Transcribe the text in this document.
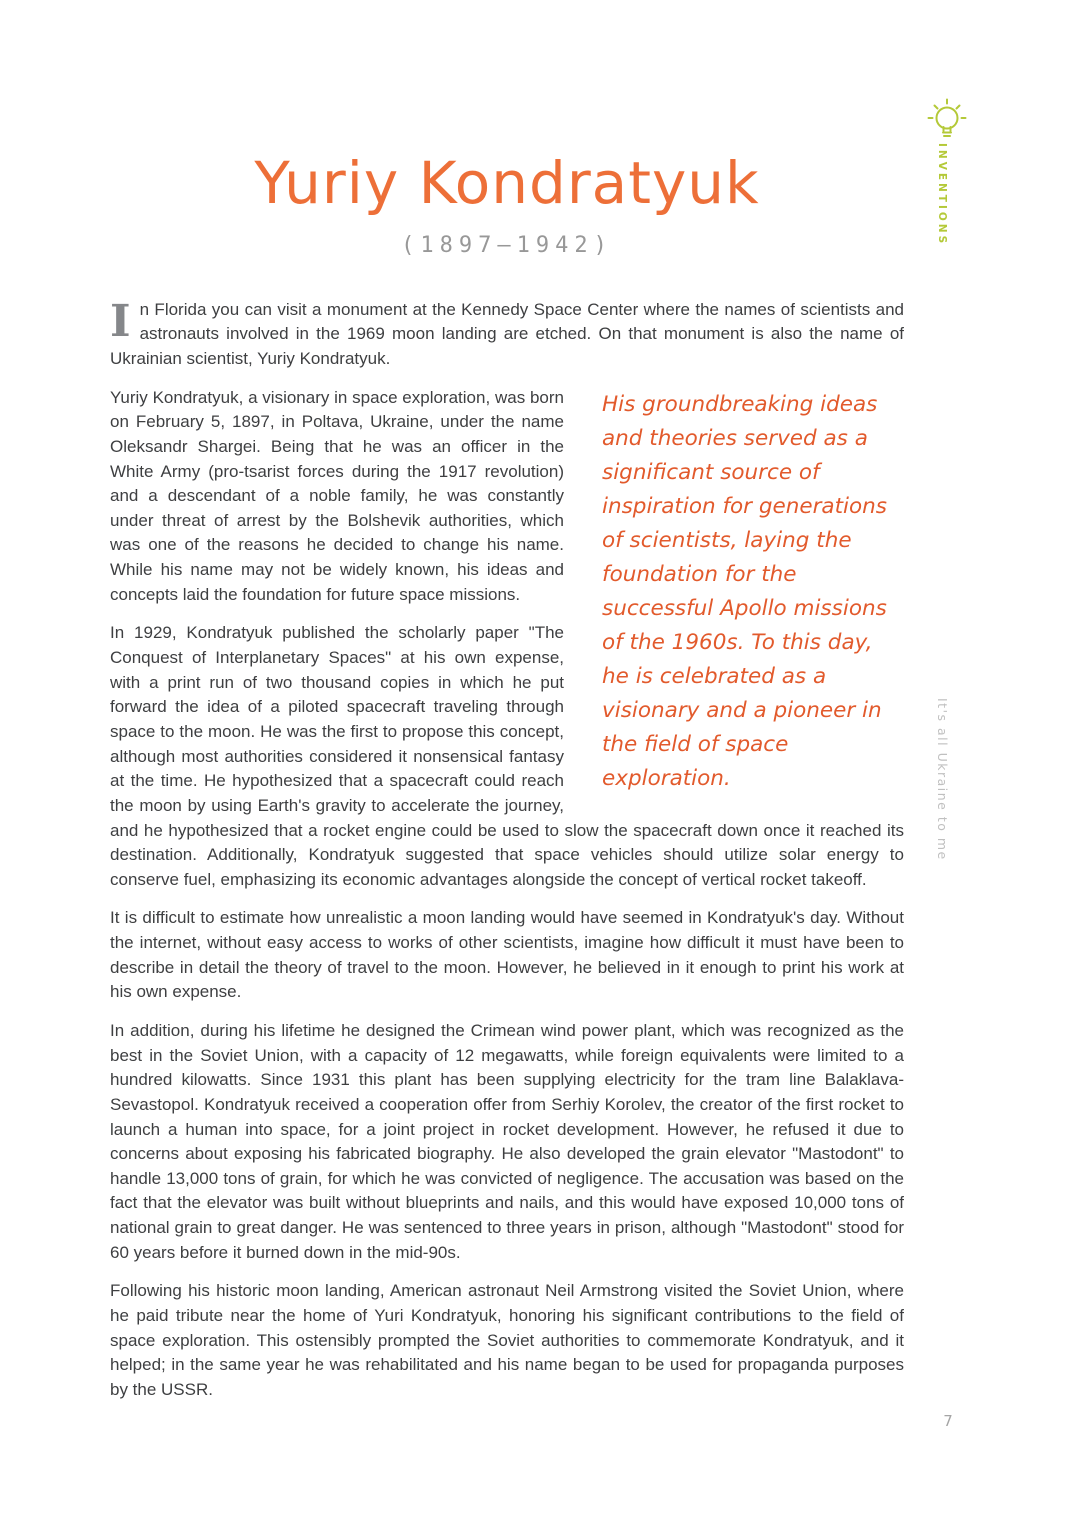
INVENTIONS
It's all Ukraine to me
7
Yuriy Kondratyuk
(1897–1942)

In Florida you can visit a monument at the Kennedy Space Center where the names of scientists and astronauts involved in the 1969 moon landing are etched. On that monument is also the name of Ukrainian scientist, Yuriy Kondratyuk.

His groundbreaking ideas and theories served as a significant source of inspiration for generations of scientists, laying the foundation for the successful Apollo missions of the 1960s. To this day, he is celebrated as a visionary and a pioneer in the field of space exploration.

Yuriy Kondratyuk, a visionary in space exploration, was born on February 5, 1897, in Poltava, Ukraine, under the name Oleksandr Shargei. Being that he was an officer in the White Army (pro-tsarist forces during the 1917 revolution) and a descendant of a noble family, he was constantly under threat of arrest by the Bolshevik authorities, which was one of the reasons he decided to change his name. While his name may not be widely known, his ideas and concepts laid the foundation for future space missions.

In 1929, Kondratyuk published the scholarly paper "The Conquest of Interplanetary Spaces" at his own expense, with a print run of two thousand copies in which he put forward the idea of a piloted spacecraft traveling through space to the moon. He was the first to propose this concept, although most authorities considered it nonsensical fantasy at the time. He hypothesized that a spacecraft could reach the moon by using Earth's gravity to accelerate the journey, and he hypothesized that a rocket engine could be used to slow the spacecraft down once it reached its destination. Additionally, Kondratyuk suggested that space vehicles should utilize solar energy to conserve fuel, emphasizing its economic advantages alongside the concept of vertical rocket takeoff.

It is difficult to estimate how unrealistic a moon landing would have seemed in Kondratyuk's day. Without the internet, without easy access to works of other scientists, imagine how difficult it must have been to describe in detail the theory of travel to the moon. However, he believed in it enough to print his work at his own expense.

In addition, during his lifetime he designed the Crimean wind power plant, which was recognized as the best in the Soviet Union, with a capacity of 12 megawatts, while foreign equivalents were limited to a hundred kilowatts. Since 1931 this plant has been supplying electricity for the tram line Balaklava-Sevastopol. Kondratyuk received a cooperation offer from Serhiy Korolev, the creator of the first rocket to launch a human into space, for a joint project in rocket development. However, he refused it due to concerns about exposing his fabricated biography. He also developed the grain elevator "Mastodont" to handle 13,000 tons of grain, for which he was convicted of negligence. The accusation was based on the fact that the elevator was built without blueprints and nails, and this would have exposed 10,000 tons of national grain to great danger. He was sentenced to three years in prison, although "Mastodont" stood for 60 years before it burned down in the mid-90s.

Following his historic moon landing, American astronaut Neil Armstrong visited the Soviet Union, where he paid tribute near the home of Yuri Kondratyuk, honoring his significant contributions to the field of space exploration. This ostensibly prompted the Soviet authorities to commemorate Kondratyuk, and it helped; in the same year he was rehabilitated and his name began to be used for propaganda purposes by the USSR.
